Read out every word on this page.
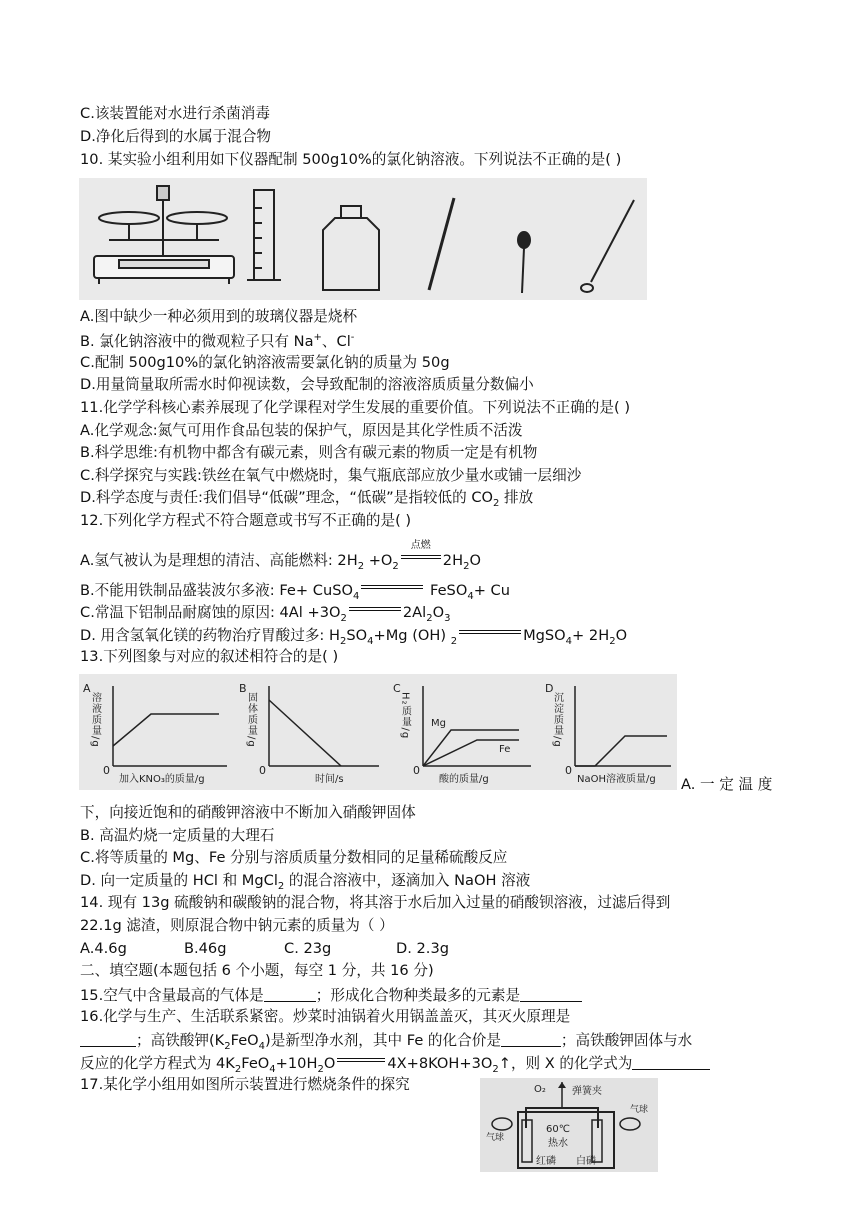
C.该装置能对水进行杀菌消毒
D.净化后得到的水属于混合物
10. 某实验小组利用如下仪器配制 500g10%的氯化钠溶液。下列说法不正确的是( )
A.图中缺少一种必须用到的玻璃仪器是烧杯
B. 氯化钠溶液中的微观粒子只有 Na+、Cl-
C.配制 500g10%的氯化钠溶液需要氯化钠的质量为 50g
D.用量筒量取所需水时仰视读数，会导致配制的溶液溶质质量分数偏小
11.化学学科核心素养展现了化学课程对学生发展的重要价值。下列说法不正确的是( )
A.化学观念:氮气可用作食品包装的保护气，原因是其化学性质不活泼
B.科学思维:有机物中都含有碳元素，则含有碳元素的物质一定是有机物
C.科学探究与实践:铁丝在氧气中燃烧时，集气瓶底部应放少量水或铺一层细沙
D.科学态度与责任:我们倡导“低碳”理念，“低碳”是指较低的 $CO_2$ 排放
12.下列化学方程式不符合题意或书写不正确的是( )
A.氢气被认为是理想的清洁、高能燃料: $2H_2 +O_2$
点燃
$2H_2O$
B.不能用铁制品盛装波尔多液: Fe+ CuSO$_4$	FeSO$_4$+ Cu
C.常温下铝制品耐腐蚀的原因: $4Al +3O_2$	$2Al_2O_3$
D. 用含氢氧化镁的药物治疗胃酸过多: $H_2SO_4+Mg$ (OH) $_2$	MgSO$_4$+ $2H_2O$
13.下列图象与对应的叙述相符合的是( )
A
溶液质量/g
0
加入KNO₃的质量/g
B
固体质量/g
0
时间/s
C
H₂质量/g Mg
Fe
0
酸的质量/g
D
沉淀质量/g
0
NaOH溶液质量/g A. 一 定 温 度
下，向接近饱和的硝酸钾溶液中不断加入硝酸钾固体
B. 高温灼烧一定质量的大理石
C.将等质量的 Mg、Fe 分别与溶质质量分数相同的足量稀硫酸反应
D. 向一定质量的 HCl 和 MgCl$_2$ 的混合溶液中，逐滴加入 NaOH 溶液
14. 现有 13g 硫酸钠和碳酸钠的混合物，将其溶于水后加入过量的硝酸钡溶液，过滤后得到
22.1g 滤渣，则原混合物中钠元素的质量为（ ）
A.4.6g	B.46g	C. 23g	D. 2.3g
二、填空题(本题包括 6 个小题，每空 1 分，共 16 分)
15.空气中含量最高的气体是	；形成化合物种类最多的元素是
16.化学与生产、生活联系紧密。炒菜时油锅着火用锅盖盖灭，其灭火原理是
；高铁酸钾$(K_2FeO_4)$是新型净水剂，其中 Fe 的化合价是	；高铁酸钾固体与水
反应的化学方程式为 $4K_2FeO_4+10H_2O$	$4X+8KOH+3O_2↑$，则 X 的化学式为
17.某化学小组用如图所示装置进行燃烧条件的探究	O₂	弹簧夹
气球
气球
60℃
热水
红磷 白磷
